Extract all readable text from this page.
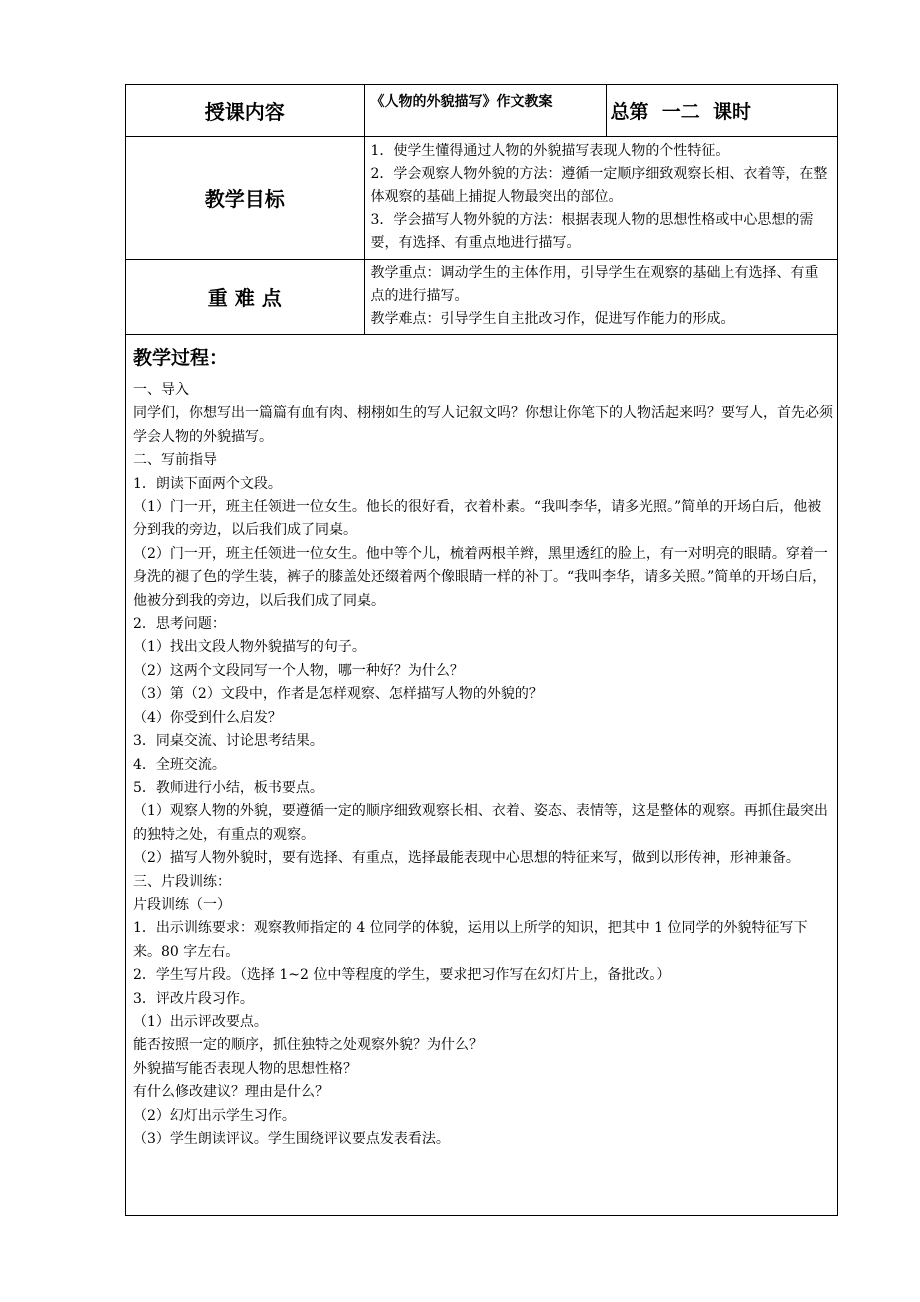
授课内容	《人物的外貌描写》作文教案	总第  一二  课时
教学目标	1．使学生懂得通过人物的外貌描写表现人物的个性特征。

2．学会观察人物外貌的方法：遵循一定顺序细致观察长相、衣着等，在整体观察的基础上捕捉人物最突出的部位。

3．学会描写人物外貌的方法：根据表现人物的思想性格或中心思想的需要，有选择、有重点地进行描写。	

重 难 点	教学重点：调动学生的主体作用，引导学生在观察的基础上有选择、有重点的进行描写。

教学难点：引导学生自主批改习作，促进写作能力的形成。	

教学过程：

一、导入

同学们，你想写出一篇篇有血有肉、栩栩如生的写人记叙文吗？你想让你笔下的人物活起来吗？要写人，首先必须学会人物的外貌描写。

二、写前指导

1．朗读下面两个文段。

（1）门一开，班主任领进一位女生。他长的很好看，衣着朴素。“我叫李华，请多光照。”简单的开场白后，他被分到我的旁边，以后我们成了同桌。

（2）门一开，班主任领进一位女生。他中等个儿，梳着两根羊辫，黑里透红的脸上，有一对明亮的眼睛。穿着一身洗的褪了色的学生装，裤子的膝盖处还缀着两个像眼睛一样的补丁。“我叫李华，请多关照。”简单的开场白后，他被分到我的旁边，以后我们成了同桌。

2．思考问题：

（1）找出文段人物外貌描写的句子。

（2）这两个文段同写一个人物，哪一种好？为什么？

（3）第（2）文段中，作者是怎样观察、怎样描写人物的外貌的？

（4）你受到什么启发？

3．同桌交流、讨论思考结果。

4．全班交流。

5．教师进行小结，板书要点。

（1）观察人物的外貌，要遵循一定的顺序细致观察长相、衣着、姿态、表情等，这是整体的观察。再抓住最突出的独特之处，有重点的观察。

（2）描写人物外貌时，要有选择、有重点，选择最能表现中心思想的特征来写，做到以形传神，形神兼备。

三、片段训练：

片段训练（一）

1．出示训练要求：观察教师指定的 4 位同学的体貌，运用以上所学的知识，把其中 1 位同学的外貌特征写下来。80 字左右。

2．学生写片段。（选择 1~2 位中等程度的学生，要求把习作写在幻灯片上，备批改。）

3．评改片段习作。

（1）出示评改要点。

能否按照一定的顺序，抓住独特之处观察外貌？为什么？

外貌描写能否表现人物的思想性格？

有什么修改建议？理由是什么？

（2）幻灯出示学生习作。

（3）学生朗读评议。学生围绕评议要点发表看法。
